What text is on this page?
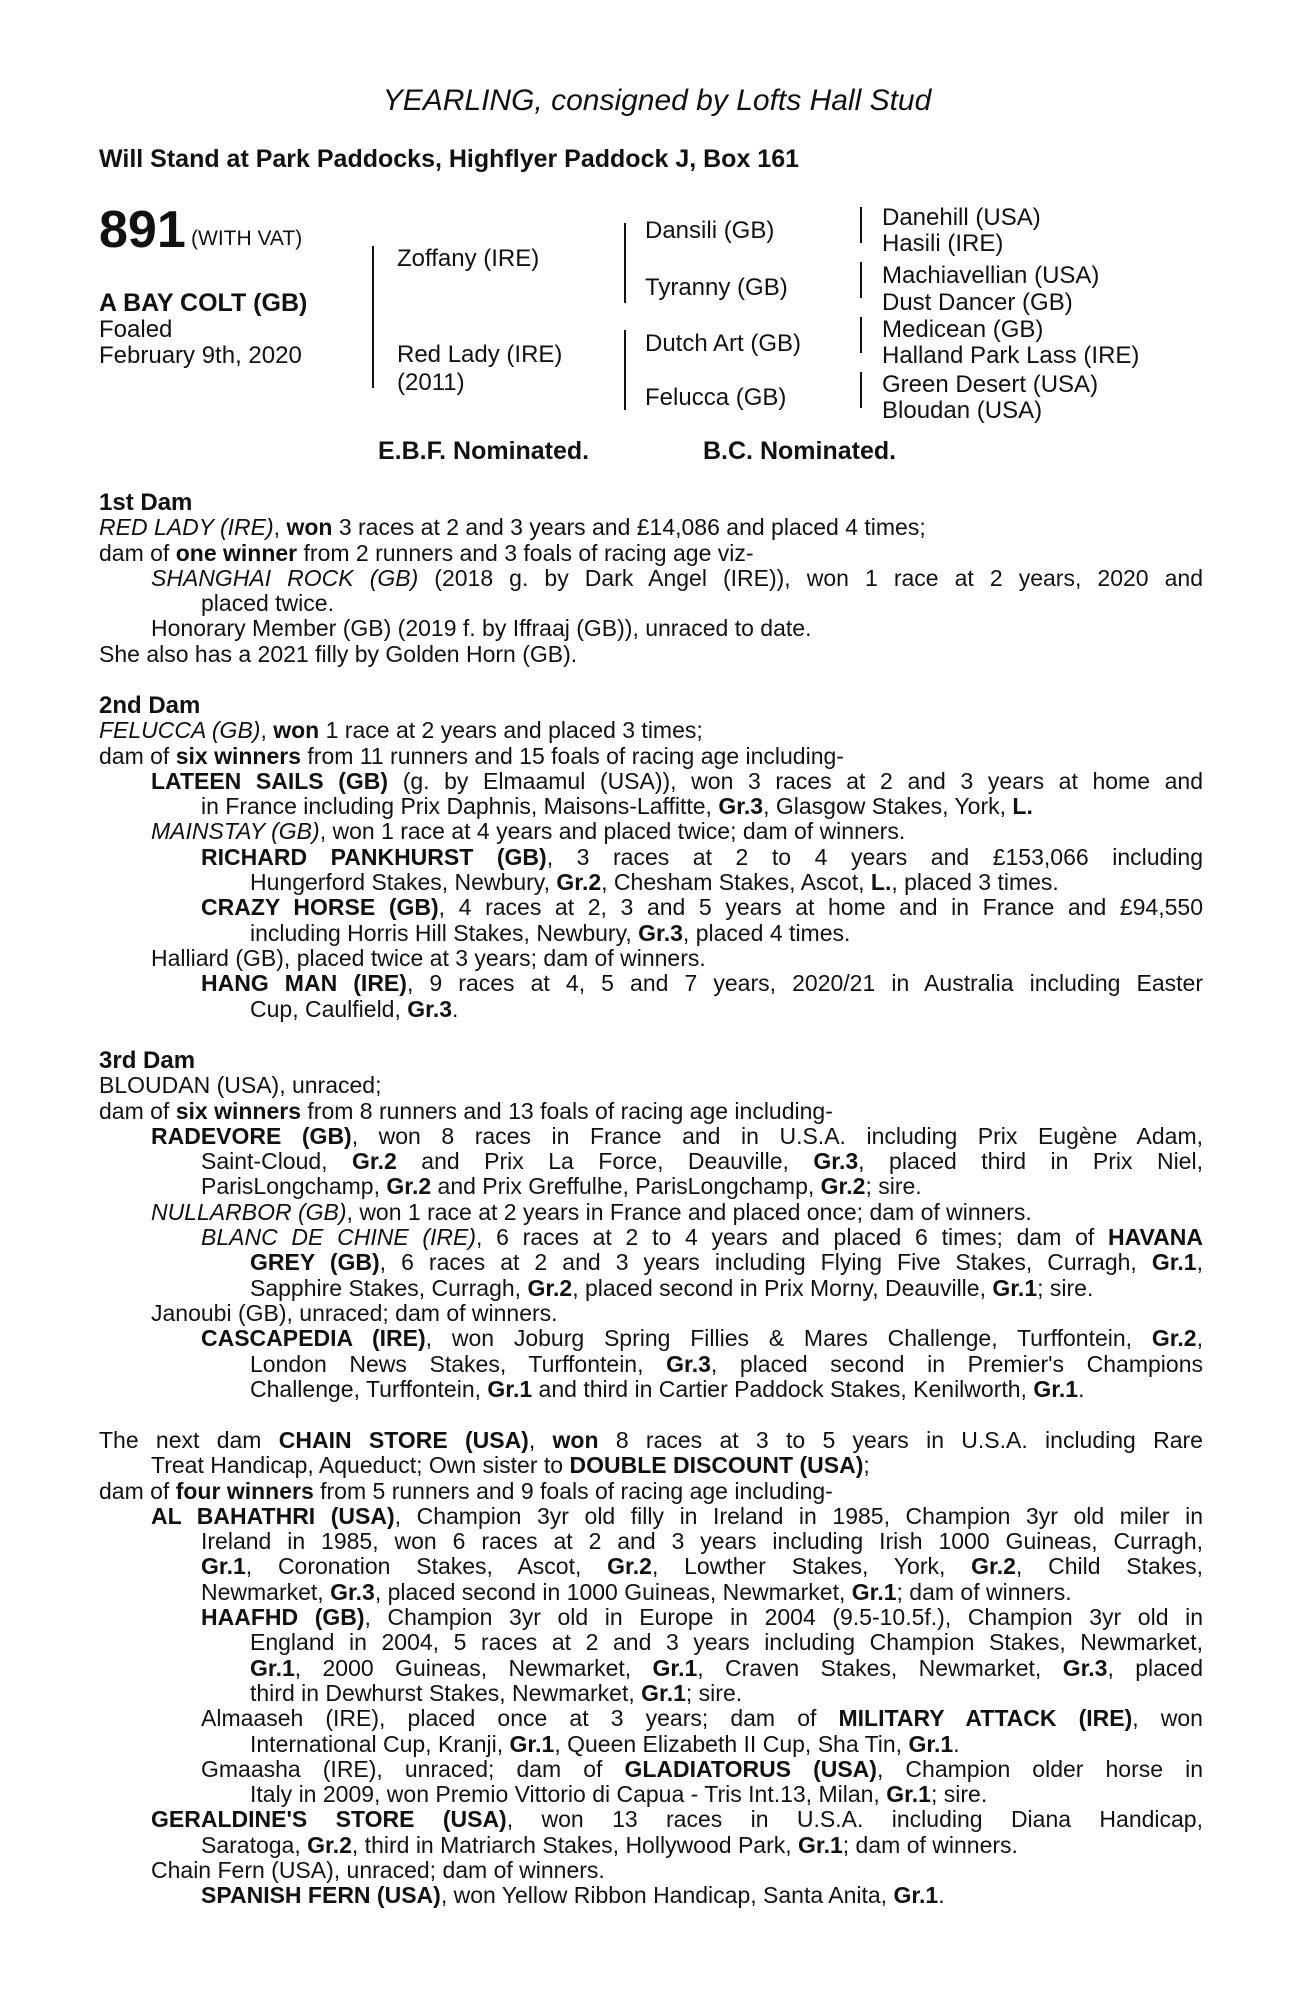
YEARLING, consigned by Lofts Hall Stud
Will Stand at Park Paddocks, Highflyer Paddock J, Box 161
891 (WITH VAT)
A BAY COLT (GB)
Foaled
February 9th, 2020
Zoffany (IRE)
Red Lady (IRE)
(2011)
Dansili (GB)
Tyranny (GB)
Dutch Art (GB)
Felucca (GB)
Danehill (USA)
Hasili (IRE)
Machiavellian (USA)
Dust Dancer (GB)
Medicean (GB)
Halland Park Lass (IRE)
Green Desert (USA)
Bloudan (USA)
E.B.F. Nominated.	B.C. Nominated.
1st Dam
RED LADY (IRE), won 3 races at 2 and 3 years and £14,086 and placed 4 times;
dam of one winner from 2 runners and 3 foals of racing age viz-
SHANGHAI ROCK (GB) (2018 g. by Dark Angel (IRE)), won 1 race at 2 years, 2020 and
placed twice.
Honorary Member (GB) (2019 f. by Iffraaj (GB)), unraced to date.
She also has a 2021 filly by Golden Horn (GB).
2nd Dam
FELUCCA (GB), won 1 race at 2 years and placed 3 times;
dam of six winners from 11 runners and 15 foals of racing age including-
LATEEN SAILS (GB) (g. by Elmaamul (USA)), won 3 races at 2 and 3 years at home and
in France including Prix Daphnis, Maisons-Laffitte, Gr.3, Glasgow Stakes, York, L.
MAINSTAY (GB), won 1 race at 4 years and placed twice; dam of winners.
RICHARD PANKHURST (GB), 3 races at 2 to 4 years and £153,066 including
Hungerford Stakes, Newbury, Gr.2, Chesham Stakes, Ascot, L., placed 3 times.
CRAZY HORSE (GB), 4 races at 2, 3 and 5 years at home and in France and £94,550
including Horris Hill Stakes, Newbury, Gr.3, placed 4 times.
Halliard (GB), placed twice at 3 years; dam of winners.
HANG MAN (IRE), 9 races at 4, 5 and 7 years, 2020/21 in Australia including Easter
Cup, Caulfield, Gr.3.
3rd Dam
BLOUDAN (USA), unraced;
dam of six winners from 8 runners and 13 foals of racing age including-
RADEVORE (GB), won 8 races in France and in U.S.A. including Prix Eugène Adam,
Saint-Cloud, Gr.2 and Prix La Force, Deauville, Gr.3, placed third in Prix Niel,
ParisLongchamp, Gr.2 and Prix Greffulhe, ParisLongchamp, Gr.2; sire.
NULLARBOR (GB), won 1 race at 2 years in France and placed once; dam of winners.
BLANC DE CHINE (IRE), 6 races at 2 to 4 years and placed 6 times; dam of HAVANA
GREY (GB), 6 races at 2 and 3 years including Flying Five Stakes, Curragh, Gr.1,
Sapphire Stakes, Curragh, Gr.2, placed second in Prix Morny, Deauville, Gr.1; sire.
Janoubi (GB), unraced; dam of winners.
CASCAPEDIA (IRE), won Joburg Spring Fillies & Mares Challenge, Turffontein, Gr.2,
London News Stakes, Turffontein, Gr.3, placed second in Premier's Champions
Challenge, Turffontein, Gr.1 and third in Cartier Paddock Stakes, Kenilworth, Gr.1.
The next dam CHAIN STORE (USA), won 8 races at 3 to 5 years in U.S.A. including Rare
Treat Handicap, Aqueduct; Own sister to DOUBLE DISCOUNT (USA);
dam of four winners from 5 runners and 9 foals of racing age including-
AL BAHATHRI (USA), Champion 3yr old filly in Ireland in 1985, Champion 3yr old miler in
Ireland in 1985, won 6 races at 2 and 3 years including Irish 1000 Guineas, Curragh,
Gr.1, Coronation Stakes, Ascot, Gr.2, Lowther Stakes, York, Gr.2, Child Stakes,
Newmarket, Gr.3, placed second in 1000 Guineas, Newmarket, Gr.1; dam of winners.
HAAFHD (GB), Champion 3yr old in Europe in 2004 (9.5-10.5f.), Champion 3yr old in
England in 2004, 5 races at 2 and 3 years including Champion Stakes, Newmarket,
Gr.1, 2000 Guineas, Newmarket, Gr.1, Craven Stakes, Newmarket, Gr.3, placed
third in Dewhurst Stakes, Newmarket, Gr.1; sire.
Almaaseh (IRE), placed once at 3 years; dam of MILITARY ATTACK (IRE), won
International Cup, Kranji, Gr.1, Queen Elizabeth II Cup, Sha Tin, Gr.1.
Gmaasha (IRE), unraced; dam of GLADIATORUS (USA), Champion older horse in
Italy in 2009, won Premio Vittorio di Capua - Tris Int.13, Milan, Gr.1; sire.
GERALDINE'S STORE (USA), won 13 races in U.S.A. including Diana Handicap,
Saratoga, Gr.2, third in Matriarch Stakes, Hollywood Park, Gr.1; dam of winners.
Chain Fern (USA), unraced; dam of winners.
SPANISH FERN (USA), won Yellow Ribbon Handicap, Santa Anita, Gr.1.
